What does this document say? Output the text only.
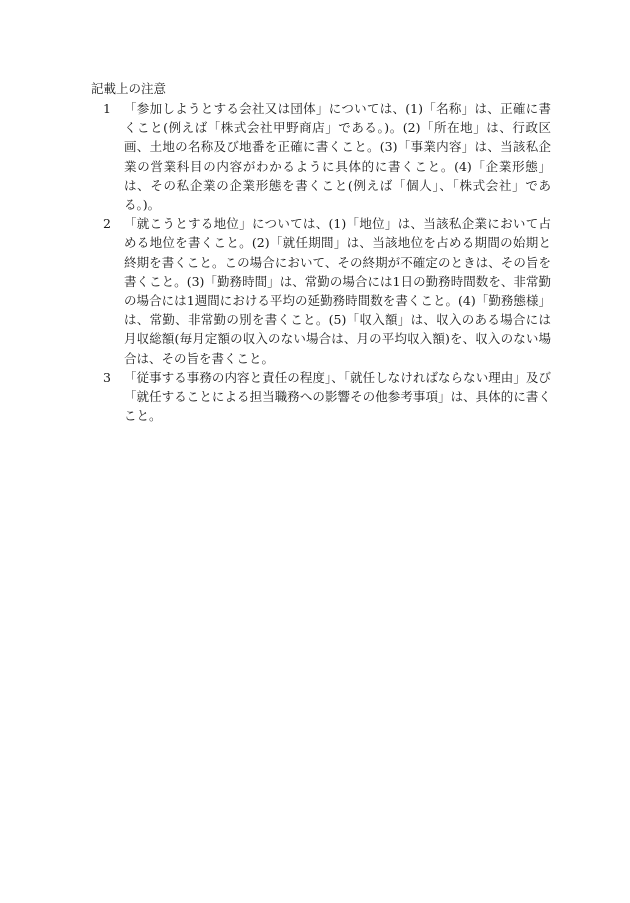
記載上の注意
1	「参加しようとする会社又は団体」については、(1)「名称」は、正確に書くこと(例えば「株式会社甲野商店」である。)。(2)「所在地」は、行政区画、土地の名称及び地番を正確に書くこと。(3)「事業内容」は、当該私企業の営業科目の内容がわかるように具体的に書くこと。(4)「企業形態」は、その私企業の企業形態を書くこと(例えば「個人」、「株式会社」である。)。
2	「就こうとする地位」については、(1)「地位」は、当該私企業において占める地位を書くこと。(2)「就任期間」は、当該地位を占める期間の始期と終期を書くこと。この場合において、その終期が不確定のときは、その旨を書くこと。(3)「勤務時間」は、常勤の場合には1日の勤務時間数を、非常勤の場合には1週間における平均の延勤務時間数を書くこと。(4)「勤務態様」は、常勤、非常勤の別を書くこと。(5)「収入額」は、収入のある場合には月収総額(毎月定額の収入のない場合は、月の平均収入額)を、収入のない場合は、その旨を書くこと。
3	「従事する事務の内容と責任の程度」、「就任しなければならない理由」及び「就任することによる担当職務への影響その他参考事項」は、具体的に書くこと。
